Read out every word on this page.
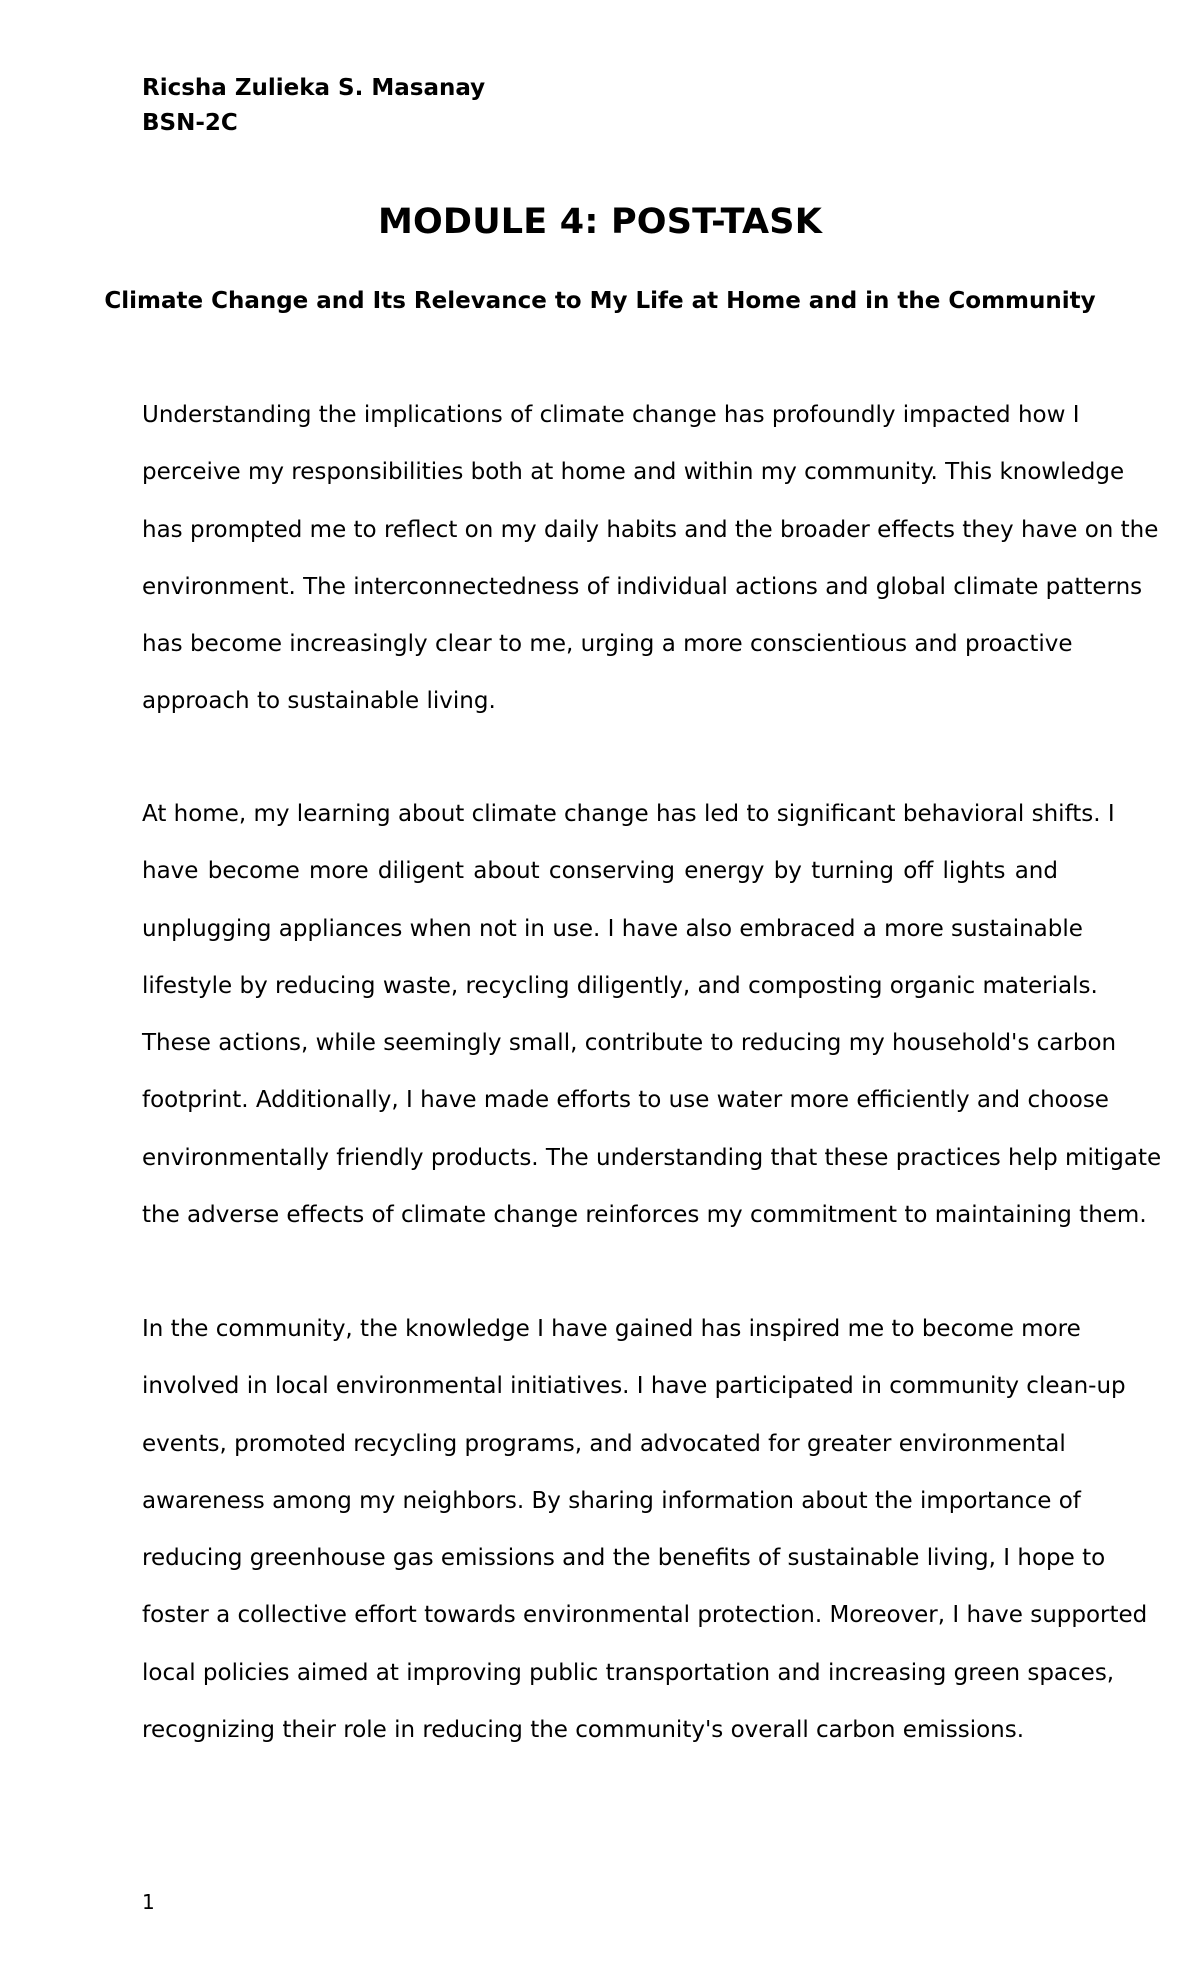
Ricsha Zulieka S. Masanay
BSN-2C
MODULE 4: POST-TASK
Climate Change and Its Relevance to My Life at Home and in the Community
Understanding the implications of climate change has profoundly impacted how I
perceive my responsibilities both at home and within my community. This knowledge
has prompted me to reflect on my daily habits and the broader effects they have on the
environment. The interconnectedness of individual actions and global climate patterns
has become increasingly clear to me, urging a more conscientious and proactive
approach to sustainable living.
At home, my learning about climate change has led to significant behavioral shifts. I
have become more diligent about conserving energy by turning off lights and
unplugging appliances when not in use. I have also embraced a more sustainable
lifestyle by reducing waste, recycling diligently, and composting organic materials.
These actions, while seemingly small, contribute to reducing my household's carbon
footprint. Additionally, I have made efforts to use water more efficiently and choose
environmentally friendly products. The understanding that these practices help mitigate
the adverse effects of climate change reinforces my commitment to maintaining them.
In the community, the knowledge I have gained has inspired me to become more
involved in local environmental initiatives. I have participated in community clean-up
events, promoted recycling programs, and advocated for greater environmental
awareness among my neighbors. By sharing information about the importance of
reducing greenhouse gas emissions and the benefits of sustainable living, I hope to
foster a collective effort towards environmental protection. Moreover, I have supported
local policies aimed at improving public transportation and increasing green spaces,
recognizing their role in reducing the community's overall carbon emissions.
1
